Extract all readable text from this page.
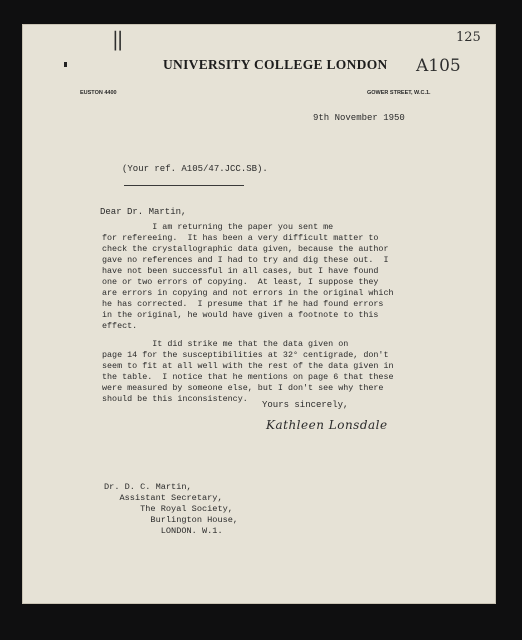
||	125
A105
UNIVERSITY COLLEGE LONDON
EUSTON 4400	GOWER STREET, W.C.1.
9th November 1950
(Your ref. A105/47.JCC.SB).
Dear Dr. Martin,
I am returning the paper you sent me
for refereeing.  It has been a very difficult matter to
check the crystallographic data given, because the author
gave no references and I had to try and dig these out.  I
have not been successful in all cases, but I have found
one or two errors of copying.  At least, I suppose they
are errors in copying and not errors in the original which
he has corrected.  I presume that if he had found errors
in the original, he would have given a footnote to this
effect.
It did strike me that the data given on
page 14 for the susceptibilities at 32° centigrade, don't
seem to fit at all well with the rest of the data given in
the table.  I notice that he mentions on page 6 that these
were measured by someone else, but I don't see why there
should be this inconsistency.
Yours sincerely,
Kathleen Lonsdale
Dr. D. C. Martin,
Assistant Secretary,
The Royal Society,
Burlington House,
LONDON. W.1.
